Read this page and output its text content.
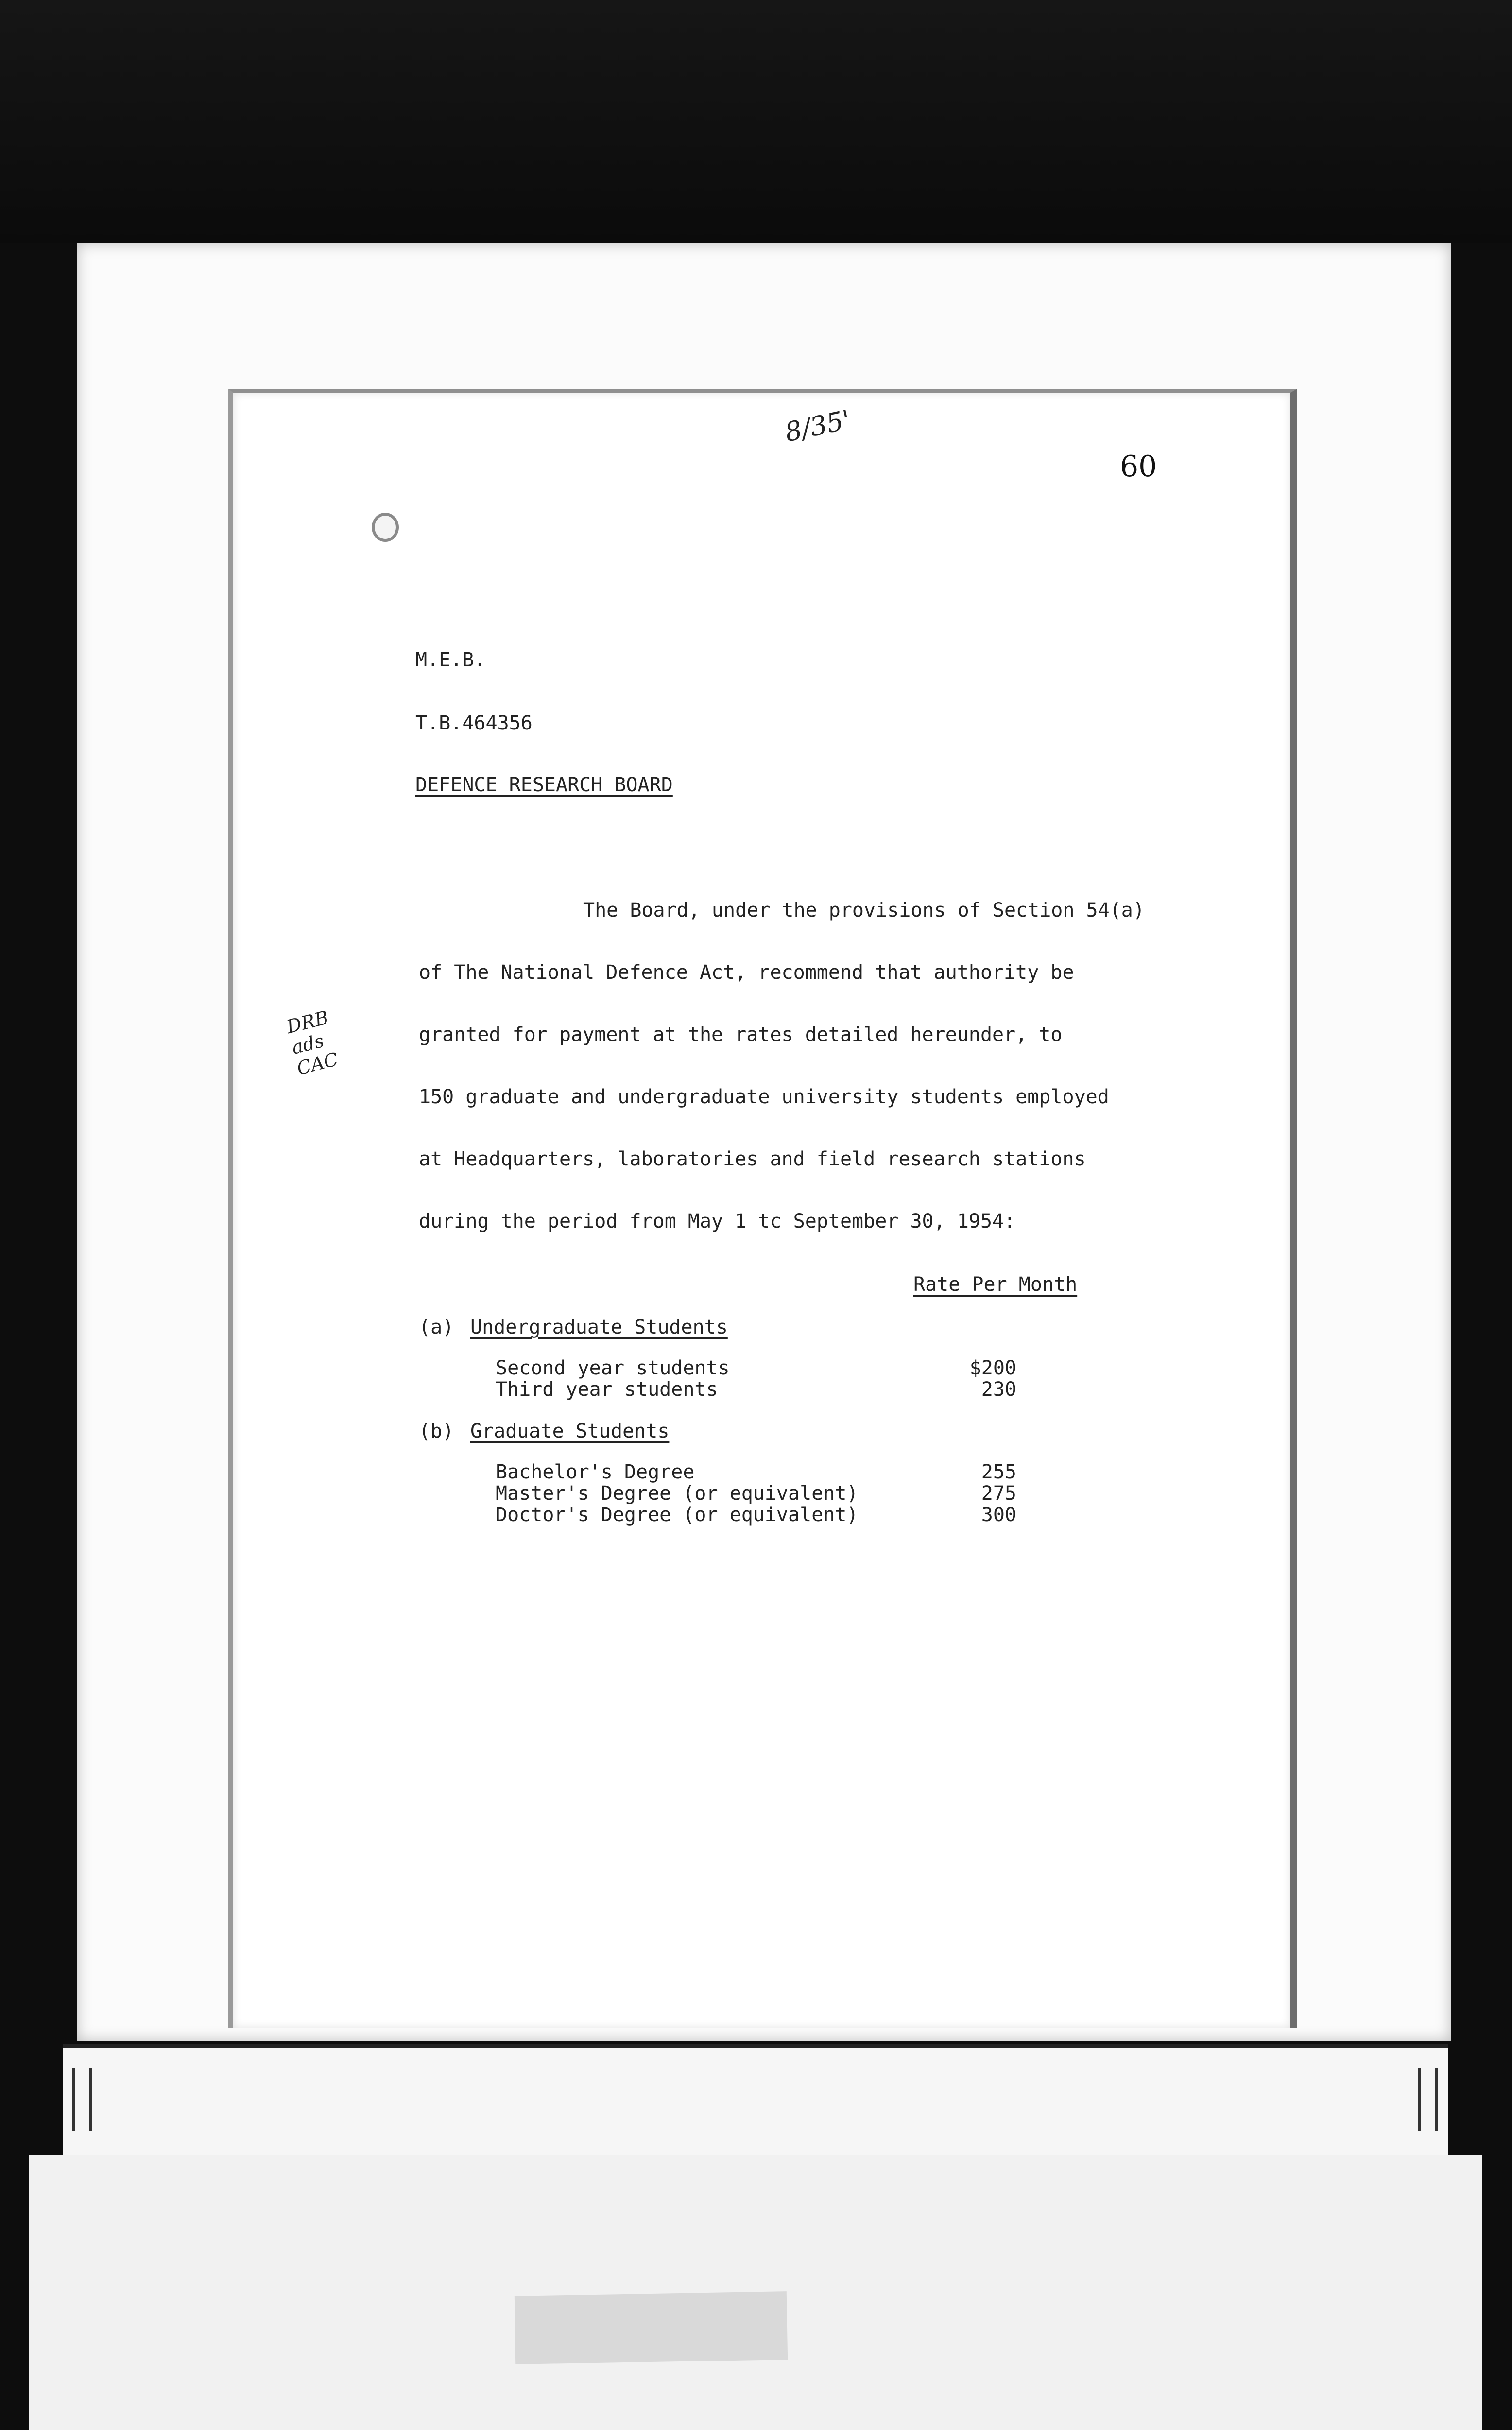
8/35'
60
M.E.B.
T.B.464356
DEFENCE RESEARCH BOARD
The Board, under the provisions of Section 54(a)
of The National Defence Act, recommend that authority be
granted for payment at the rates detailed hereunder, to
150 graduate and undergraduate university students employed
at Headquarters, laboratories and field research stations
during the period from May 1 tc September 30, 1954:
DRB
ads
CAC
Rate Per Month
(a) Undergraduate Students
Second year students	$200
Third year students	230
(b) Graduate Students
Bachelor's Degree	255
Master's Degree (or equivalent)	275
Doctor's Degree (or equivalent)	300
